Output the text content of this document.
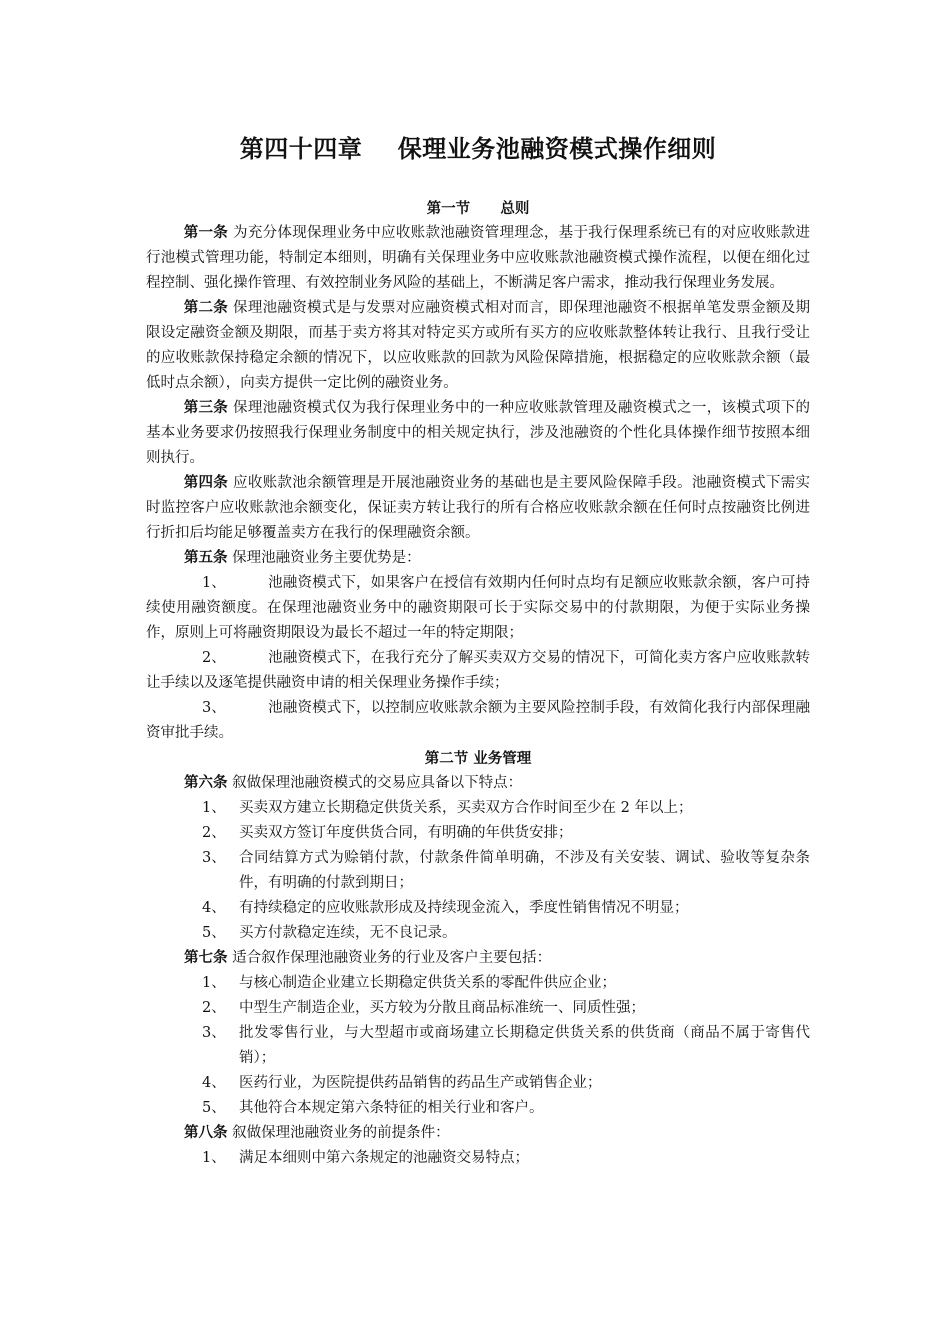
第四十四章    保理业务池融资模式操作细则

第一节      总则

第一条 为充分体现保理业务中应收账款池融资管理理念，基于我行保理系统已有的对应收账款进行池模式管理功能，特制定本细则，明确有关保理业务中应收账款池融资模式操作流程，以便在细化过程控制、强化操作管理、有效控制业务风险的基础上，不断满足客户需求，推动我行保理业务发展。

第二条 保理池融资模式是与发票对应融资模式相对而言，即保理池融资不根据单笔发票金额及期限设定融资金额及期限，而基于卖方将其对特定买方或所有买方的应收账款整体转让我行、且我行受让的应收账款保持稳定余额的情况下，以应收账款的回款为风险保障措施，根据稳定的应收账款余额（最低时点余额），向卖方提供一定比例的融资业务。

第三条 保理池融资模式仅为我行保理业务中的一种应收账款管理及融资模式之一，该模式项下的基本业务要求仍按照我行保理业务制度中的相关规定执行，涉及池融资的个性化具体操作细节按照本细则执行。

第四条 应收账款池余额管理是开展池融资业务的基础也是主要风险保障手段。池融资模式下需实时监控客户应收账款池余额变化，保证卖方转让我行的所有合格应收账款余额在任何时点按融资比例进行折扣后均能足够覆盖卖方在我行的保理融资余额。

第五条 保理池融资业务主要优势是：

1、	池融资模式下，如果客户在授信有效期内任何时点均有足额应收账款余额，客户可持续使用融资额度。在保理池融资业务中的融资期限可长于实际交易中的付款期限，为便于实际业务操作，原则上可将融资期限设为最长不超过一年的特定期限；

2、	池融资模式下，在我行充分了解买卖双方交易的情况下，可简化卖方客户应收账款转让手续以及逐笔提供融资申请的相关保理业务操作手续；

3、	池融资模式下，以控制应收账款余额为主要风险控制手段，有效简化我行内部保理融资审批手续。

第二节 业务管理

第六条 叙做保理池融资模式的交易应具备以下特点：

1、 买卖双方建立长期稳定供货关系，买卖双方合作时间至少在 2 年以上；

2、 买卖双方签订年度供货合同，有明确的年供货安排；

3、 合同结算方式为赊销付款，付款条件简单明确，不涉及有关安装、调试、验收等复杂条件，有明确的付款到期日；

4、 有持续稳定的应收账款形成及持续现金流入，季度性销售情况不明显；

5、 买方付款稳定连续，无不良记录。

第七条 适合叙作保理池融资业务的行业及客户主要包括：

1、 与核心制造企业建立长期稳定供货关系的零配件供应企业；

2、 中型生产制造企业，买方较为分散且商品标准统一、同质性强；

3、 批发零售行业，与大型超市或商场建立长期稳定供货关系的供货商（商品不属于寄售代销）；

4、 医药行业，为医院提供药品销售的药品生产或销售企业；

5、 其他符合本规定第六条特征的相关行业和客户。

第八条 叙做保理池融资业务的前提条件：

1、 满足本细则中第六条规定的池融资交易特点；
